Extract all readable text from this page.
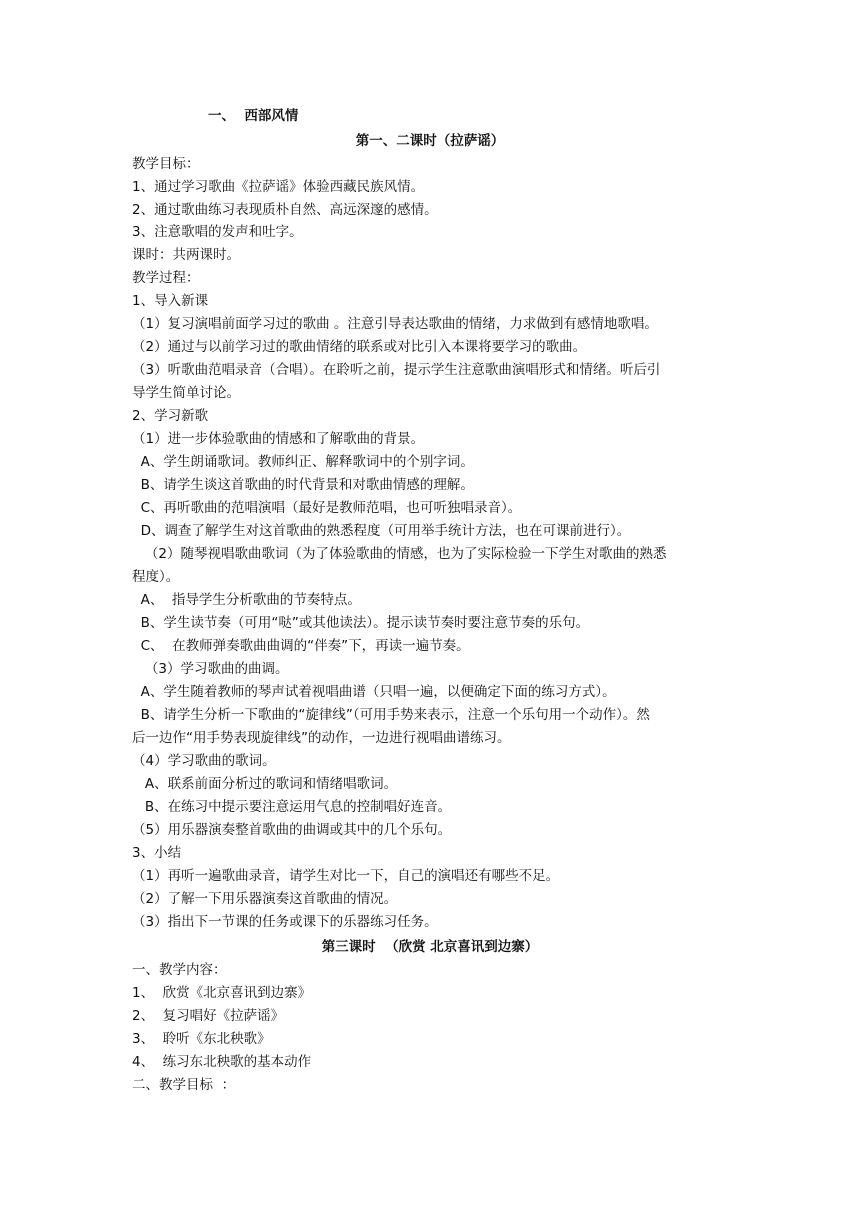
一、  西部风情
第一、二课时（拉萨谣）
教学目标：
1、通过学习歌曲《拉萨谣》体验西藏民族风情。
2、通过歌曲练习表现质朴自然、高远深邃的感情。
3、注意歌唱的发声和吐字。
课时：共两课时。
教学过程：
1、导入新课
（1）复习演唱前面学习过的歌曲 。注意引导表达歌曲的情绪，力求做到有感情地歌唱。
（2）通过与以前学习过的歌曲情绪的联系或对比引入本课将要学习的歌曲。
（3）听歌曲范唱录音（合唱）。在聆听之前，提示学生注意歌曲演唱形式和情绪。听后引
导学生简单讨论。
2、学习新歌
（1）进一步体验歌曲的情感和了解歌曲的背景。
A、学生朗诵歌词。教师纠正、解释歌词中的个别字词。
B、请学生谈这首歌曲的时代背景和对歌曲情感的理解。
C、再听歌曲的范唱演唱（最好是教师范唱，也可听独唱录音）。
D、调查了解学生对这首歌曲的熟悉程度（可用举手统计方法，也在可课前进行）。
（2）随琴视唱歌曲歌词（为了体验歌曲的情感，也为了实际检验一下学生对歌曲的熟悉
程度）。
A、  指导学生分析歌曲的节奏特点。
B、学生读节奏（可用“哒”或其他读法）。提示读节奏时要注意节奏的乐句。
C、  在教师弹奏歌曲曲调的“伴奏”下，再读一遍节奏。
（3）学习歌曲的曲调。
A、学生随着教师的琴声试着视唱曲谱（只唱一遍，以便确定下面的练习方式）。
B、请学生分析一下歌曲的“旋律线”（可用手势来表示，注意一个乐句用一个动作）。然
后一边作“用手势表现旋律线”的动作，一边进行视唱曲谱练习。
（4）学习歌曲的歌词。
A、联系前面分析过的歌词和情绪唱歌词。
B、在练习中提示要注意运用气息的控制唱好连音。
（5）用乐器演奏整首歌曲的曲调或其中的几个乐句。
3、小结
（1）再听一遍歌曲录音，请学生对比一下，自己的演唱还有哪些不足。
（2）了解一下用乐器演奏这首歌曲的情况。
（3）指出下一节课的任务或课下的乐器练习任务。
第三课时  （欣赏 北京喜讯到边寨）
一、教学内容：
1、  欣赏《北京喜讯到边寨》
2、  复习唱好《拉萨谣》
3、  聆听《东北秧歌》
4、  练习东北秧歌的基本动作
二、教学目标  ：
